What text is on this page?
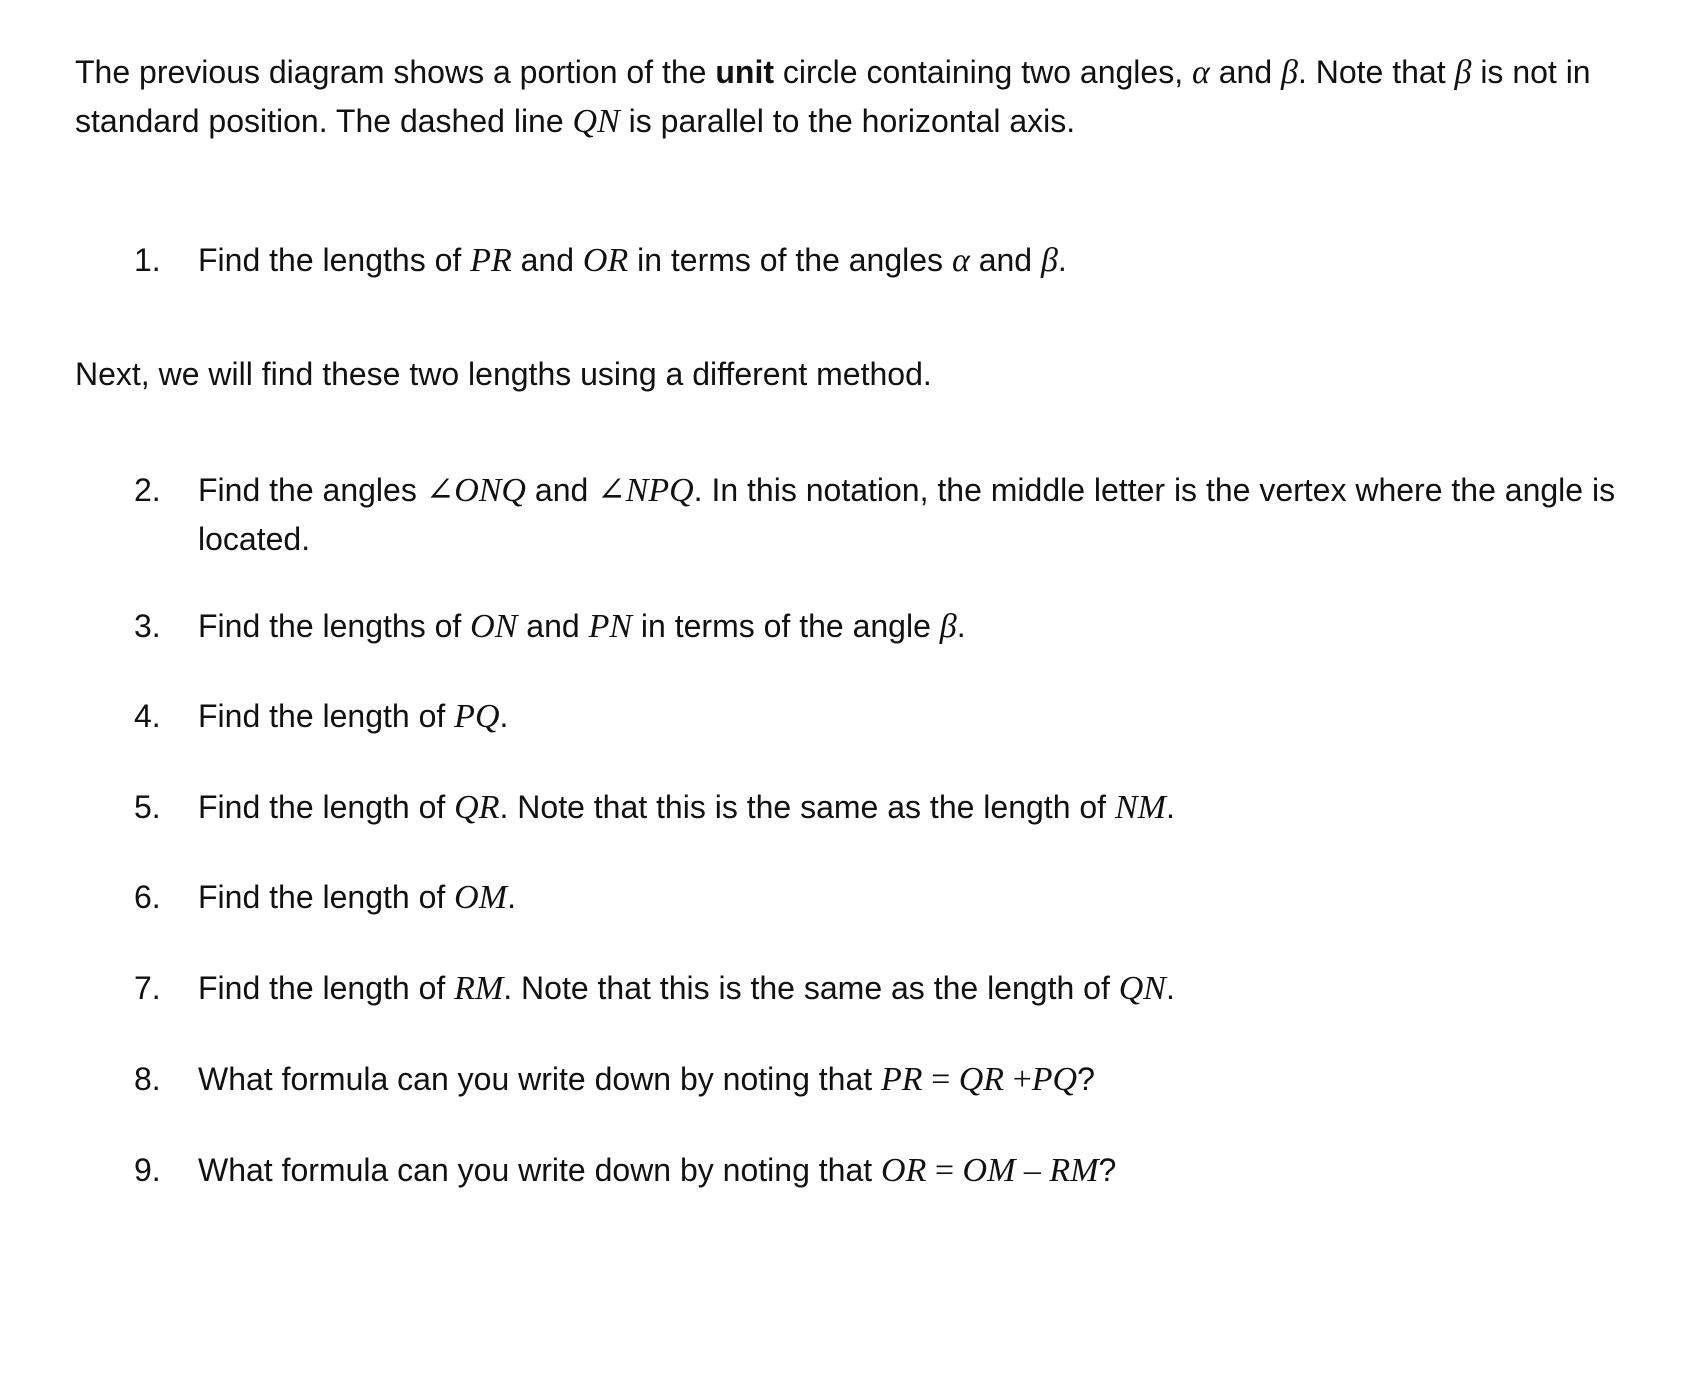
The previous diagram shows a portion of the unit circle containing two angles, α and β. Note that β is not in standard position. The dashed line QN is parallel to the horizontal axis.
1. Find the lengths of PR and OR in terms of the angles α and β.
Next, we will find these two lengths using a different method.
2. Find the angles ∠ONQ and ∠NPQ. In this notation, the middle letter is the vertex where the angle is located.
3. Find the lengths of ON and PN in terms of the angle β.
4. Find the length of PQ.
5. Find the length of QR. Note that this is the same as the length of NM.
6. Find the length of OM.
7. Find the length of RM. Note that this is the same as the length of QN.
8. What formula can you write down by noting that PR = QR +PQ?
9. What formula can you write down by noting that OR = OM – RM?
